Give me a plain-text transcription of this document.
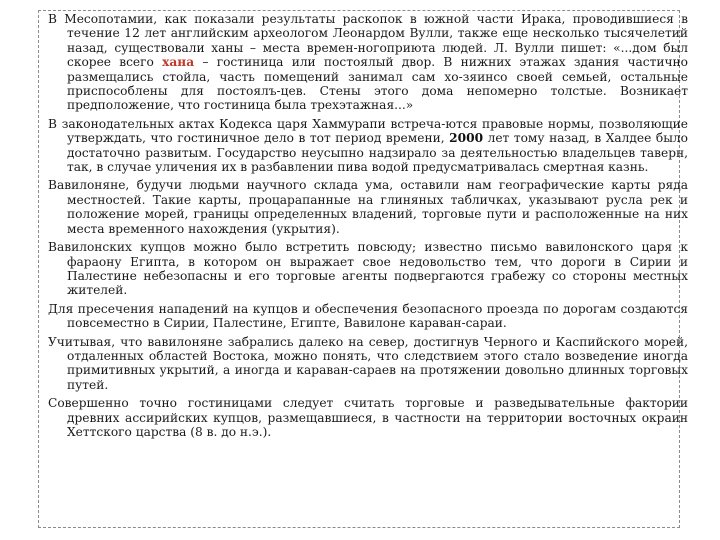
В Месопотамии, как показали результаты раскопок в южной части Ирака, проводившиеся в течение 12 лет английским археологом Леонардом Вулли, также еще несколько тысячелетий назад, существовали ханы – места времен-ногоприюта людей. Л. Вулли пишет: «...дом был скорее всего хана – гостиница или постоялый двор. В нижних этажах здания частично размещались стойла, часть помещений занимал сам хо-зяинсо своей семьей, остальные приспособлены для постоялъ-цев. Стены этого дома непомерно толстые. Возникает предположение, что гостиница была трехэтажная...»

В законодательных актах Кодекса царя Хаммурапи встреча-ются правовые нормы, позволяющие утверждать, что гостиничное дело в тот период времени, 2000 лет тому назад, в Халдее было достаточно развитым. Государство неусыпно надзирало за деятельностью владельцев таверн, так, в случае уличения их в разбавлении пива водой предусматривалась смертная казнь.

Вавилоняне, будучи людьми научного склада ума, оставили нам географические карты ряда местностей. Такие карты, процарапанные на глиняных табличках, указывают русла рек и положение морей, границы определенных владений, торговые пути и расположенные на них места временного нахождения (укрытия).

Вавилонских купцов можно было встретить повсюду; известно письмо вавилонского царя к фараону Египта, в котором он выражает свое недовольство тем, что дороги в Сирии и Палестине небезопасны и его торговые агенты подвергаются грабежу со стороны местных жителей.

Для пресечения нападений на купцов и обеспечения безопасного проезда по дорогам создаются повсеместно в Сирии, Палестине, Египте, Вавилоне караван-сараи.

Учитывая, что вавилоняне забрались далеко на север, достигнув Черного и Каспийского морей, отдаленных областей Востока, можно понять, что следствием этого стало возведение иногда примитивных укрытий, а иногда и караван-сараев на протяжении довольно длинных торговых путей.

Совершенно точно гостиницами следует считать торговые и разведывательные фактории древних ассирийских купцов, размещавшиеся, в частности на территории восточных окраин Хеттского царства (8 в. до н.э.).
